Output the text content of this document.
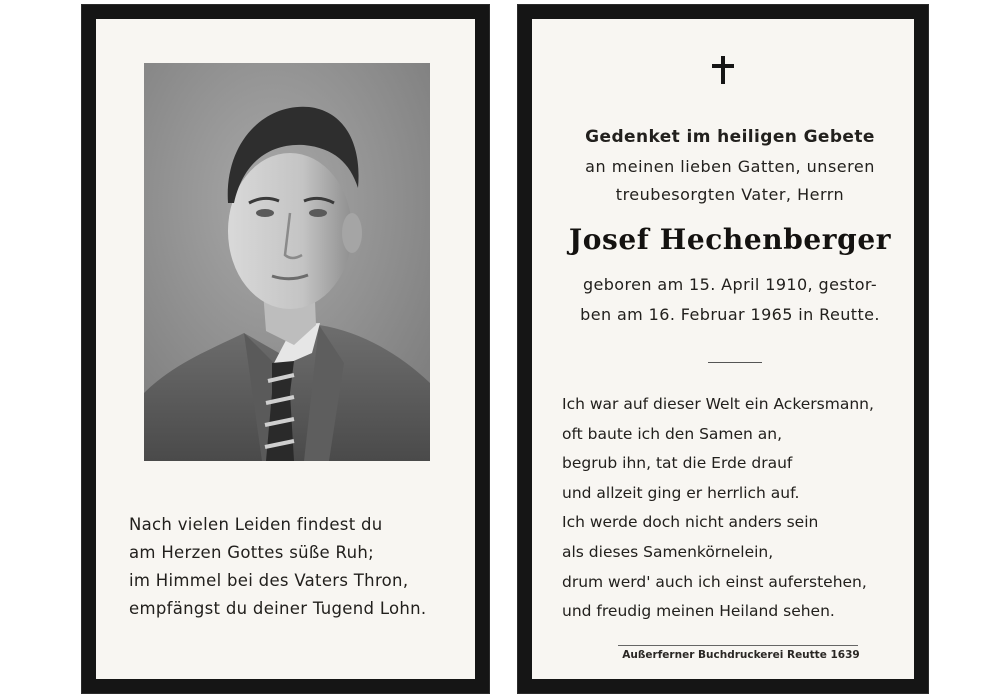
Nach vielen Leiden findest du
am Herzen Gottes süße Ruh;
im Himmel bei des Vaters Thron,
empfängst du deiner Tugend Lohn.
Gedenket im heiligen Gebete
an meinen lieben Gatten, unseren
treubesorgten Vater, Herrn
Josef Hechenberger
geboren am 15. April 1910, gestor-
ben am 16. Februar 1965 in Reutte.
Ich war auf dieser Welt ein Ackersmann,
oft baute ich den Samen an,
begrub ihn, tat die Erde drauf
und allzeit ging er herrlich auf.
Ich werde doch nicht anders sein
als dieses Samenkörnelein,
drum werd' auch ich einst auferstehen,
und freudig meinen Heiland sehen.
Außerferner Buchdruckerei Reutte 1639
